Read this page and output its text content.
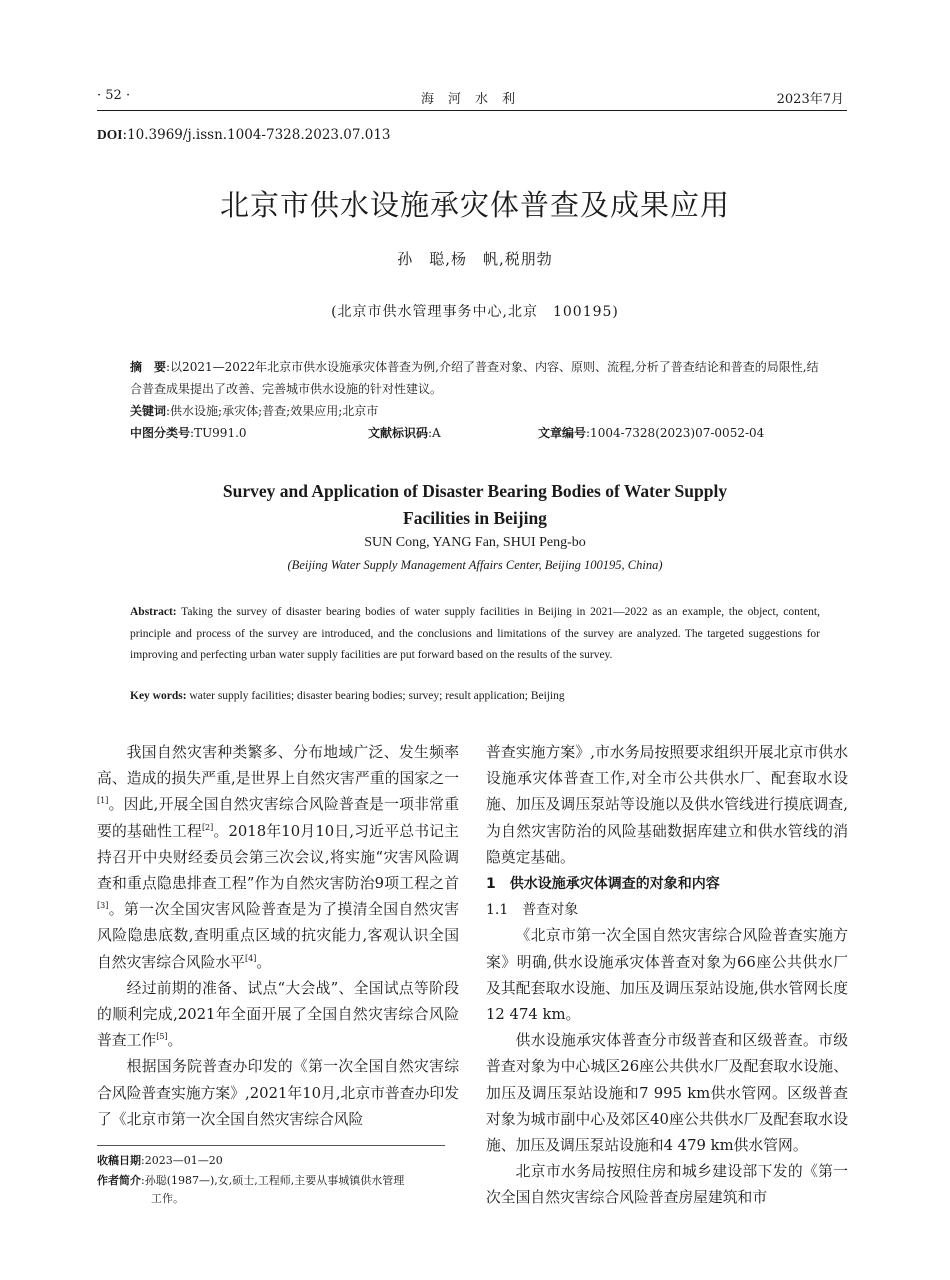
· 52 ·	海河水利	2023年7月
DOI:10.3969/j.issn.1004-7328.2023.07.013
北京市供水设施承灾体普查及成果应用
孙　聪,杨　帆,税朋勃
(北京市供水管理事务中心,北京　100195)
摘　要:以2021—2022年北京市供水设施承灾体普查为例,介绍了普查对象、内容、原则、流程,分析了普查结论和普查的局限性,结合普查成果提出了改善、完善城市供水设施的针对性建议。
关键词:供水设施;承灾体;普查;效果应用;北京市
中图分类号:TU991.0	文献标识码:A	文章编号:1004-7328(2023)07-0052-04
Survey and Application of Disaster Bearing Bodies of Water Supply
Facilities in Beijing
SUN Cong, YANG Fan, SHUI Peng-bo
(Beijing Water Supply Management Affairs Center, Beijing 100195, China)
Abstract: Taking the survey of disaster bearing bodies of water supply facilities in Beijing in 2021—2022 as an example, the object, content, principle and process of the survey are introduced, and the conclusions and limitations of the survey are analyzed. The targeted suggestions for improving and perfecting urban water supply facilities are put forward based on the results of the survey.
Key words: water supply facilities; disaster bearing bodies; survey; result application; Beijing

我国自然灾害种类繁多、分布地域广泛、发生频率高、造成的损失严重,是世界上自然灾害严重的国家之一[1]。因此,开展全国自然灾害综合风险普查是一项非常重要的基础性工程[2]。2018年10月10日,习近平总书记主持召开中央财经委员会第三次会议,将实施“灾害风险调查和重点隐患排查工程”作为自然灾害防治9项工程之首[3]。第一次全国灾害风险普查是为了摸清全国自然灾害风险隐患底数,查明重点区域的抗灾能力,客观认识全国自然灾害综合风险水平[4]。

经过前期的准备、试点“大会战”、全国试点等阶段的顺利完成,2021年全面开展了全国自然灾害综合风险普查工作[5]。

根据国务院普查办印发的《第一次全国自然灾害综合风险普查实施方案》,2021年10月,北京市普查办印发了《北京市第一次全国自然灾害综合风险

普查实施方案》,市水务局按照要求组织开展北京市供水设施承灾体普查工作,对全市公共供水厂、配套取水设施、加压及调压泵站等设施以及供水管线进行摸底调查,为自然灾害防治的风险基础数据库建立和供水管线的消隐奠定基础。

1　供水设施承灾体调查的对象和内容

1.1　普查对象

《北京市第一次全国自然灾害综合风险普查实施方案》明确,供水设施承灾体普查对象为66座公共供水厂及其配套取水设施、加压及调压泵站设施,供水管网长度12 474 km。

供水设施承灾体普查分市级普查和区级普查。市级普查对象为中心城区26座公共供水厂及配套取水设施、加压及调压泵站设施和7 995 km供水管网。区级普查对象为城市副中心及郊区40座公共供水厂及配套取水设施、加压及调压泵站设施和4 479 km供水管网。

北京市水务局按照住房和城乡建设部下发的《第一次全国自然灾害综合风险普查房屋建筑和市

收稿日期:2023—01—20
作者简介:孙聪(1987—),女,硕士,工程师,主要从事城镇供水管理
工作。
